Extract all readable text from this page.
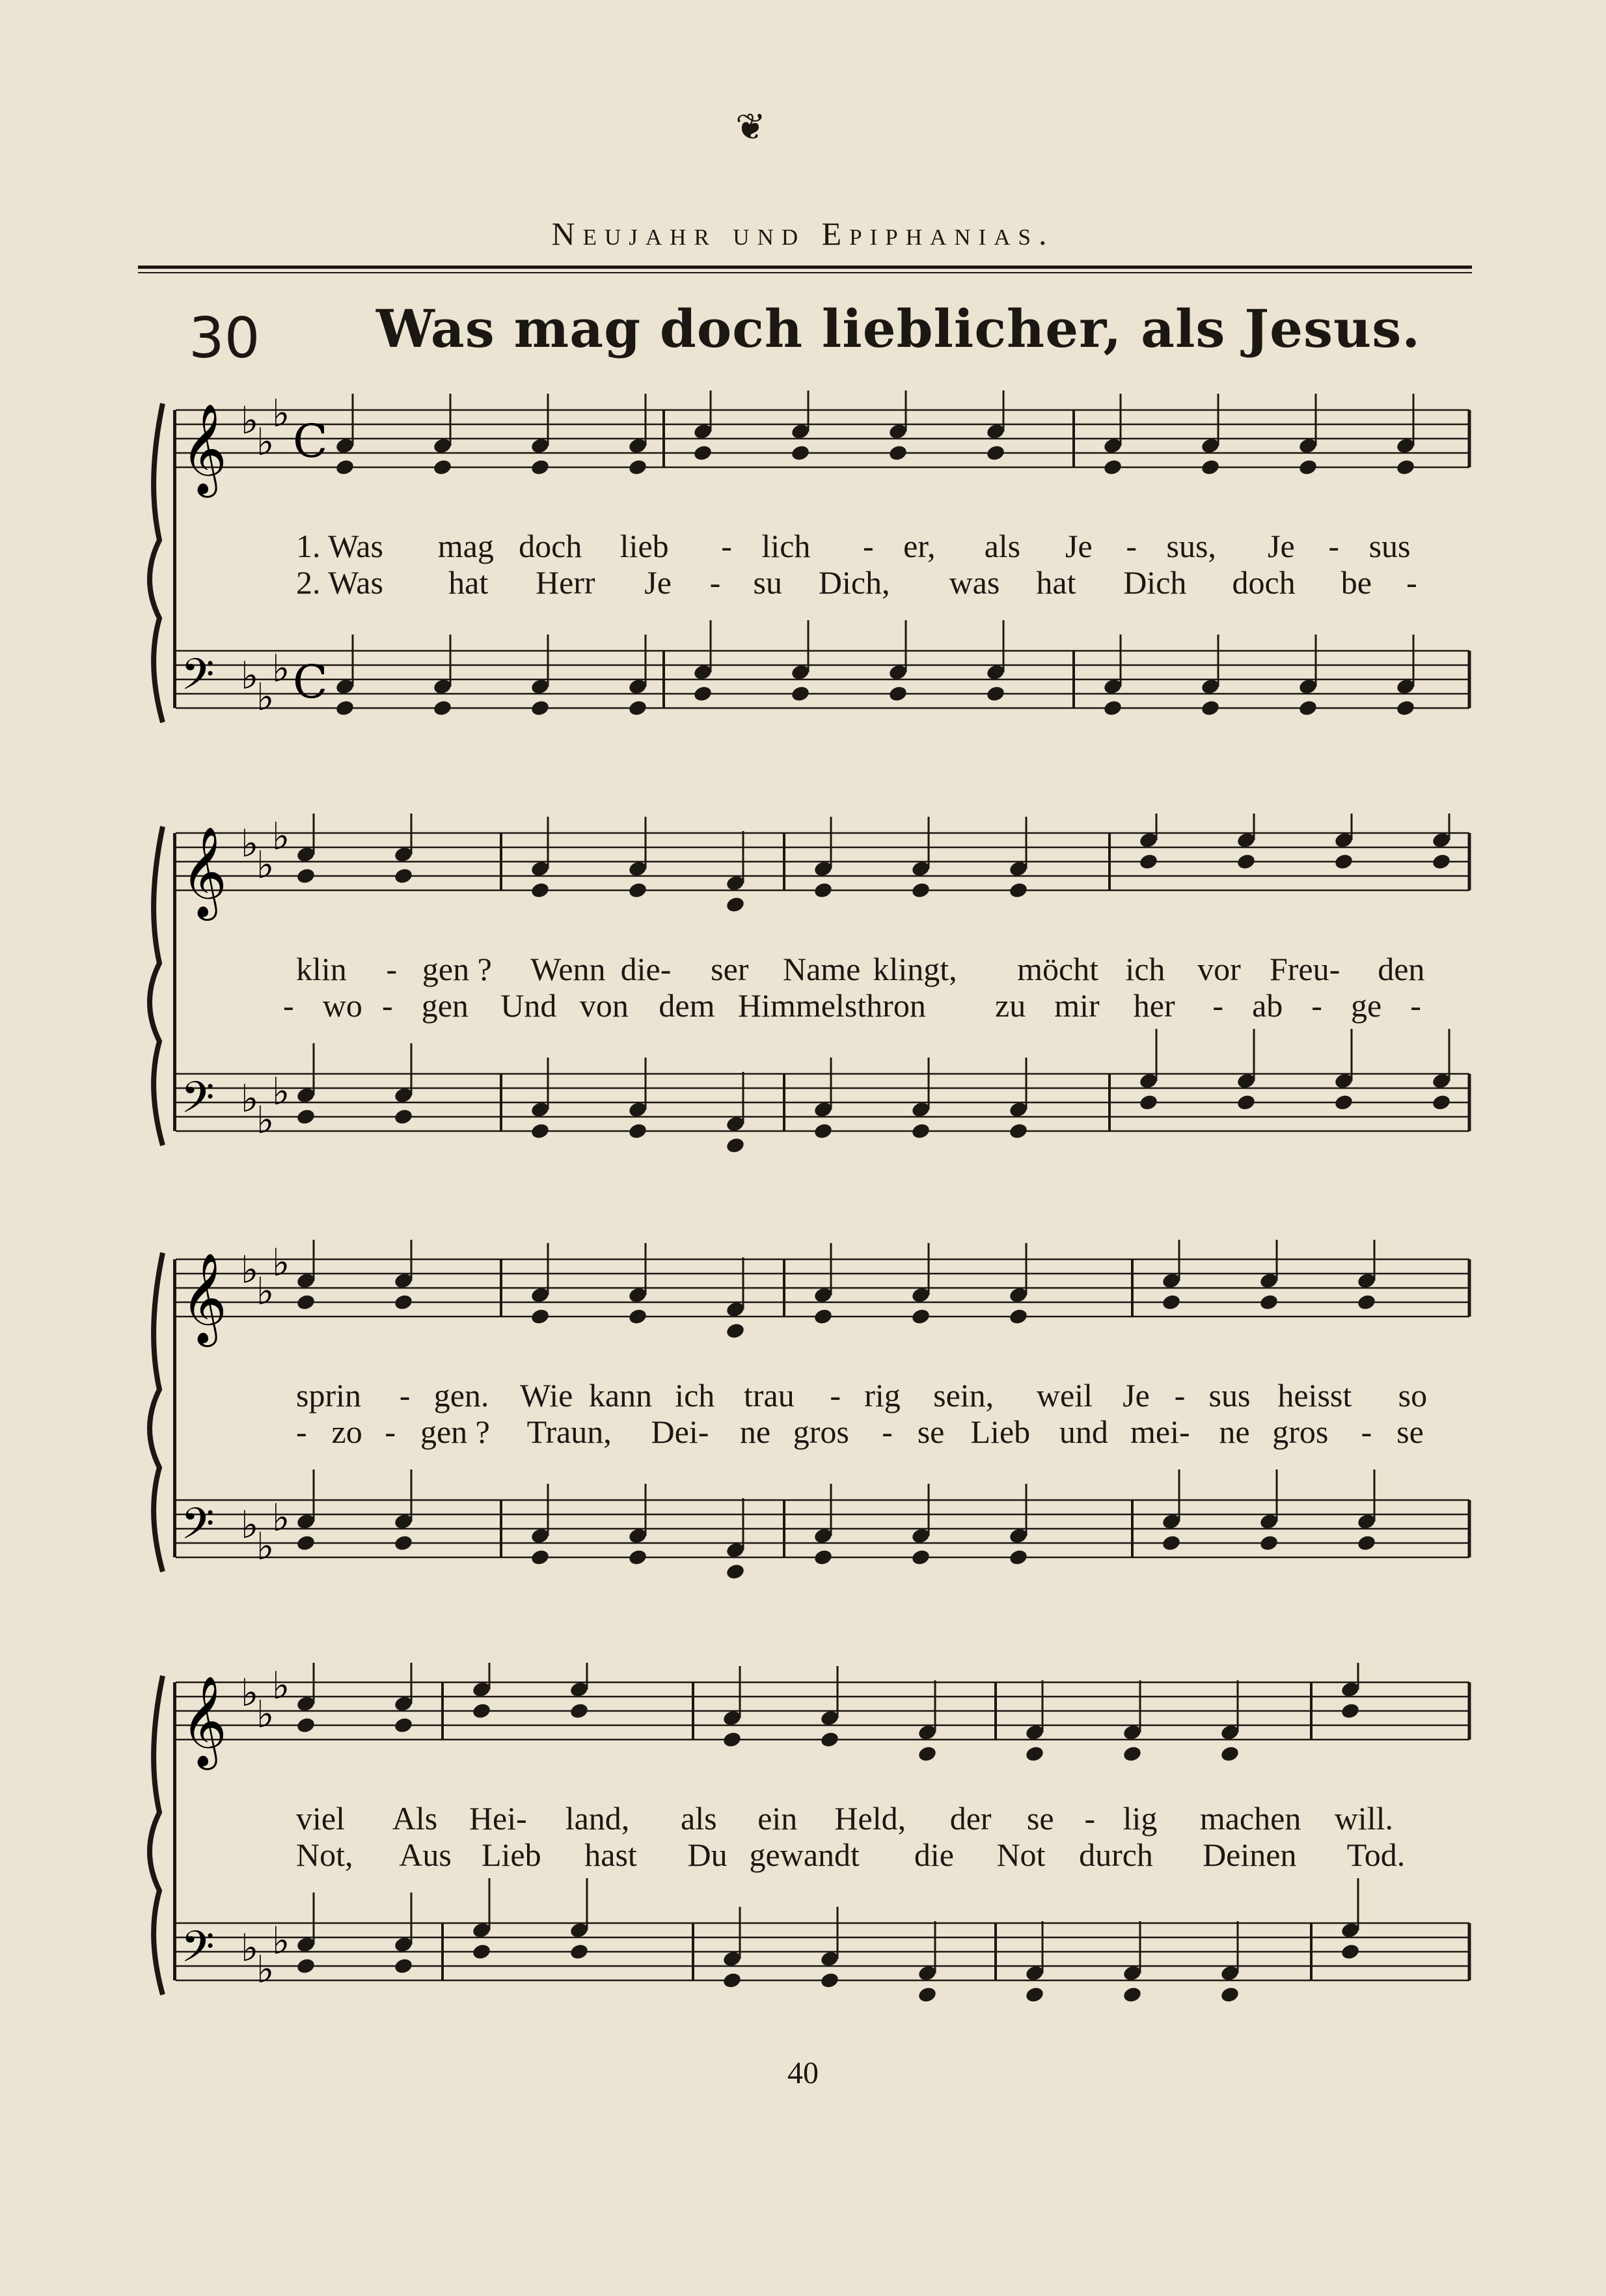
❦
Neujahr und Epiphanias.
30 Was mag doch lieblicher, als Jesus.
𝄞 ♭
♭
♭
C
𝄢 ♭
♭
♭ C
1. Was mag doch lieb - lich - er, als Je - sus, Je - sus
2. Was hat Herr Je - su Dich, was hat Dich doch be -
𝄞 ♭
♭
♭
𝄢 ♭
♭
♭
klin - gen ? Wenn die- ser Name klingt, möcht ich vor Freu- den
- wo - gen Und von dem Himmelsthron zu mir her - ab - ge -
𝄞 ♭
♭
♭
𝄢 ♭
♭
♭
sprin - gen. Wie kann ich trau - rig sein, weil Je - sus heisst so
- zo - gen ? Traun, Dei- ne gros - se Lieb und mei- ne gros - se
𝄞 ♭
♭
♭
𝄢 ♭
♭
♭
viel Als Hei- land, als ein Held, der se - lig machen will.
Not, Aus Lieb hast Du gewandt die Not durch Deinen Tod.
40
